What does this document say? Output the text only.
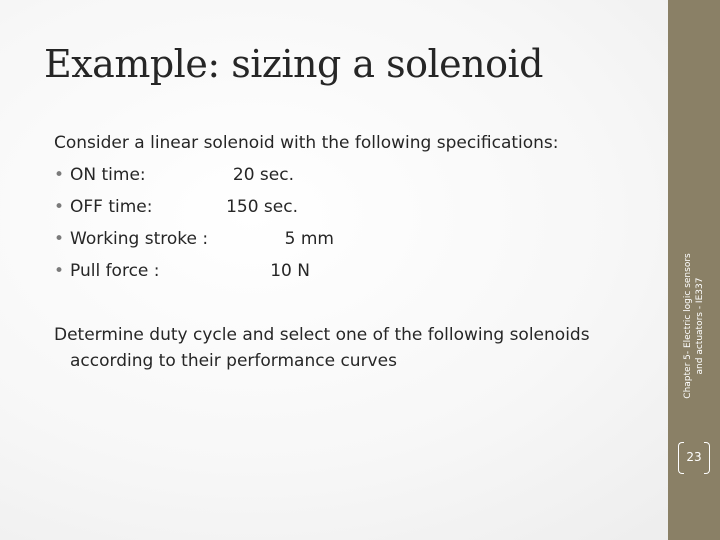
Example: sizing a solenoid
Consider a linear solenoid with the following specifications:
• ON time:	20 sec.
• OFF time:	150 sec.
• Working stroke :	5 mm
• Pull force :	10 N
Determine duty cycle and select one of the following solenoids
according to their performance curves	Chapter 5- Electric logic sensors and actuators - IE337
23
